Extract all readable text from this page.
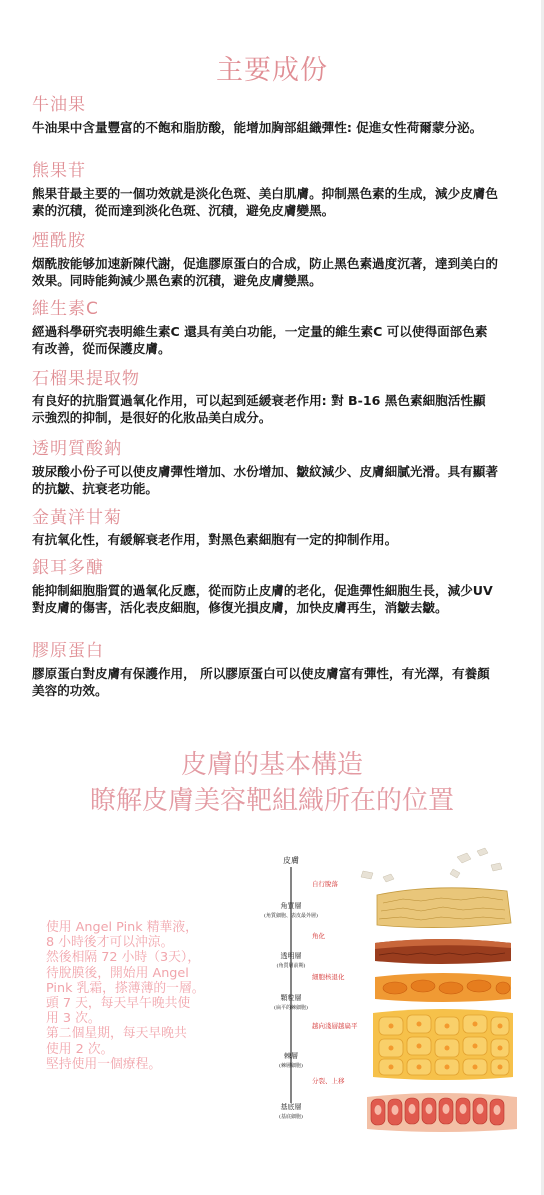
主要成份
牛油果
牛油果中含量豐富的不飽和脂肪酸，能增加胸部組織彈性: 促進女性荷爾蒙分泌。
熊果苷
熊果苷最主要的一個功效就是淡化色斑、美白肌膚。抑制黑色素的生成，減少皮膚色素的沉積，從而達到淡化色斑、沉積，避免皮膚變黑。
煙酰胺
烟酰胺能够加速新陳代謝，促進膠原蛋白的合成，防止黑色素過度沉著，達到美白的效果。同時能夠減少黑色素的沉積，避免皮膚變黑。
維生素C
經過科學研究表明維生素C 還具有美白功能，一定量的維生素C 可以使得面部色素有改善，從而保護皮膚。
石榴果提取物
有良好的抗脂質過氧化作用，可以起到延緩衰老作用: 對 B-16 黑色素細胞活性顯示強烈的抑制，是很好的化妝品美白成分。
透明質酸鈉
玻尿酸小份子可以使皮膚彈性增加、水份增加、皺紋減少、皮膚細膩光滑。具有顯著的抗皺、抗衰老功能。
金黃洋甘菊
有抗氧化性，有緩解衰老作用，對黑色素細胞有一定的抑制作用。
銀耳多醣
能抑制細胞脂質的過氧化反應，從而防止皮膚的老化，促進彈性細胞生長，減少UV對皮膚的傷害，活化表皮細胞，修復光損皮膚，加快皮膚再生，消皺去皺。
膠原蛋白
膠原蛋白對皮膚有保護作用， 所以膠原蛋白可以使皮膚富有彈性，有光澤，有養顏美容的功效。
皮膚的基本構造
瞭解皮膚美容靶組織所在的位置
使用 Angel Pink 精華液，
8 小時後才可以沖涼。
然後相隔 72 小時（3天），
待脫膜後，開始用 Angel
Pink 乳霜，搽薄薄的一層。
頭 7 天，每天早午晚共使
用 3 次。
第二個星期，每天早晚共
使用 2 次。
堅持使用一個療程。
皮膚
角質層
(角質細胞、表皮最外層)
透明層
(角質層前期)
顆粒層
(扁平的棘細胞)
棘層
(棘層細胞)
基底層
(基底細胞)
自行脫落
角化
細胞核退化
越向淺層越扁平
分裂、上移
